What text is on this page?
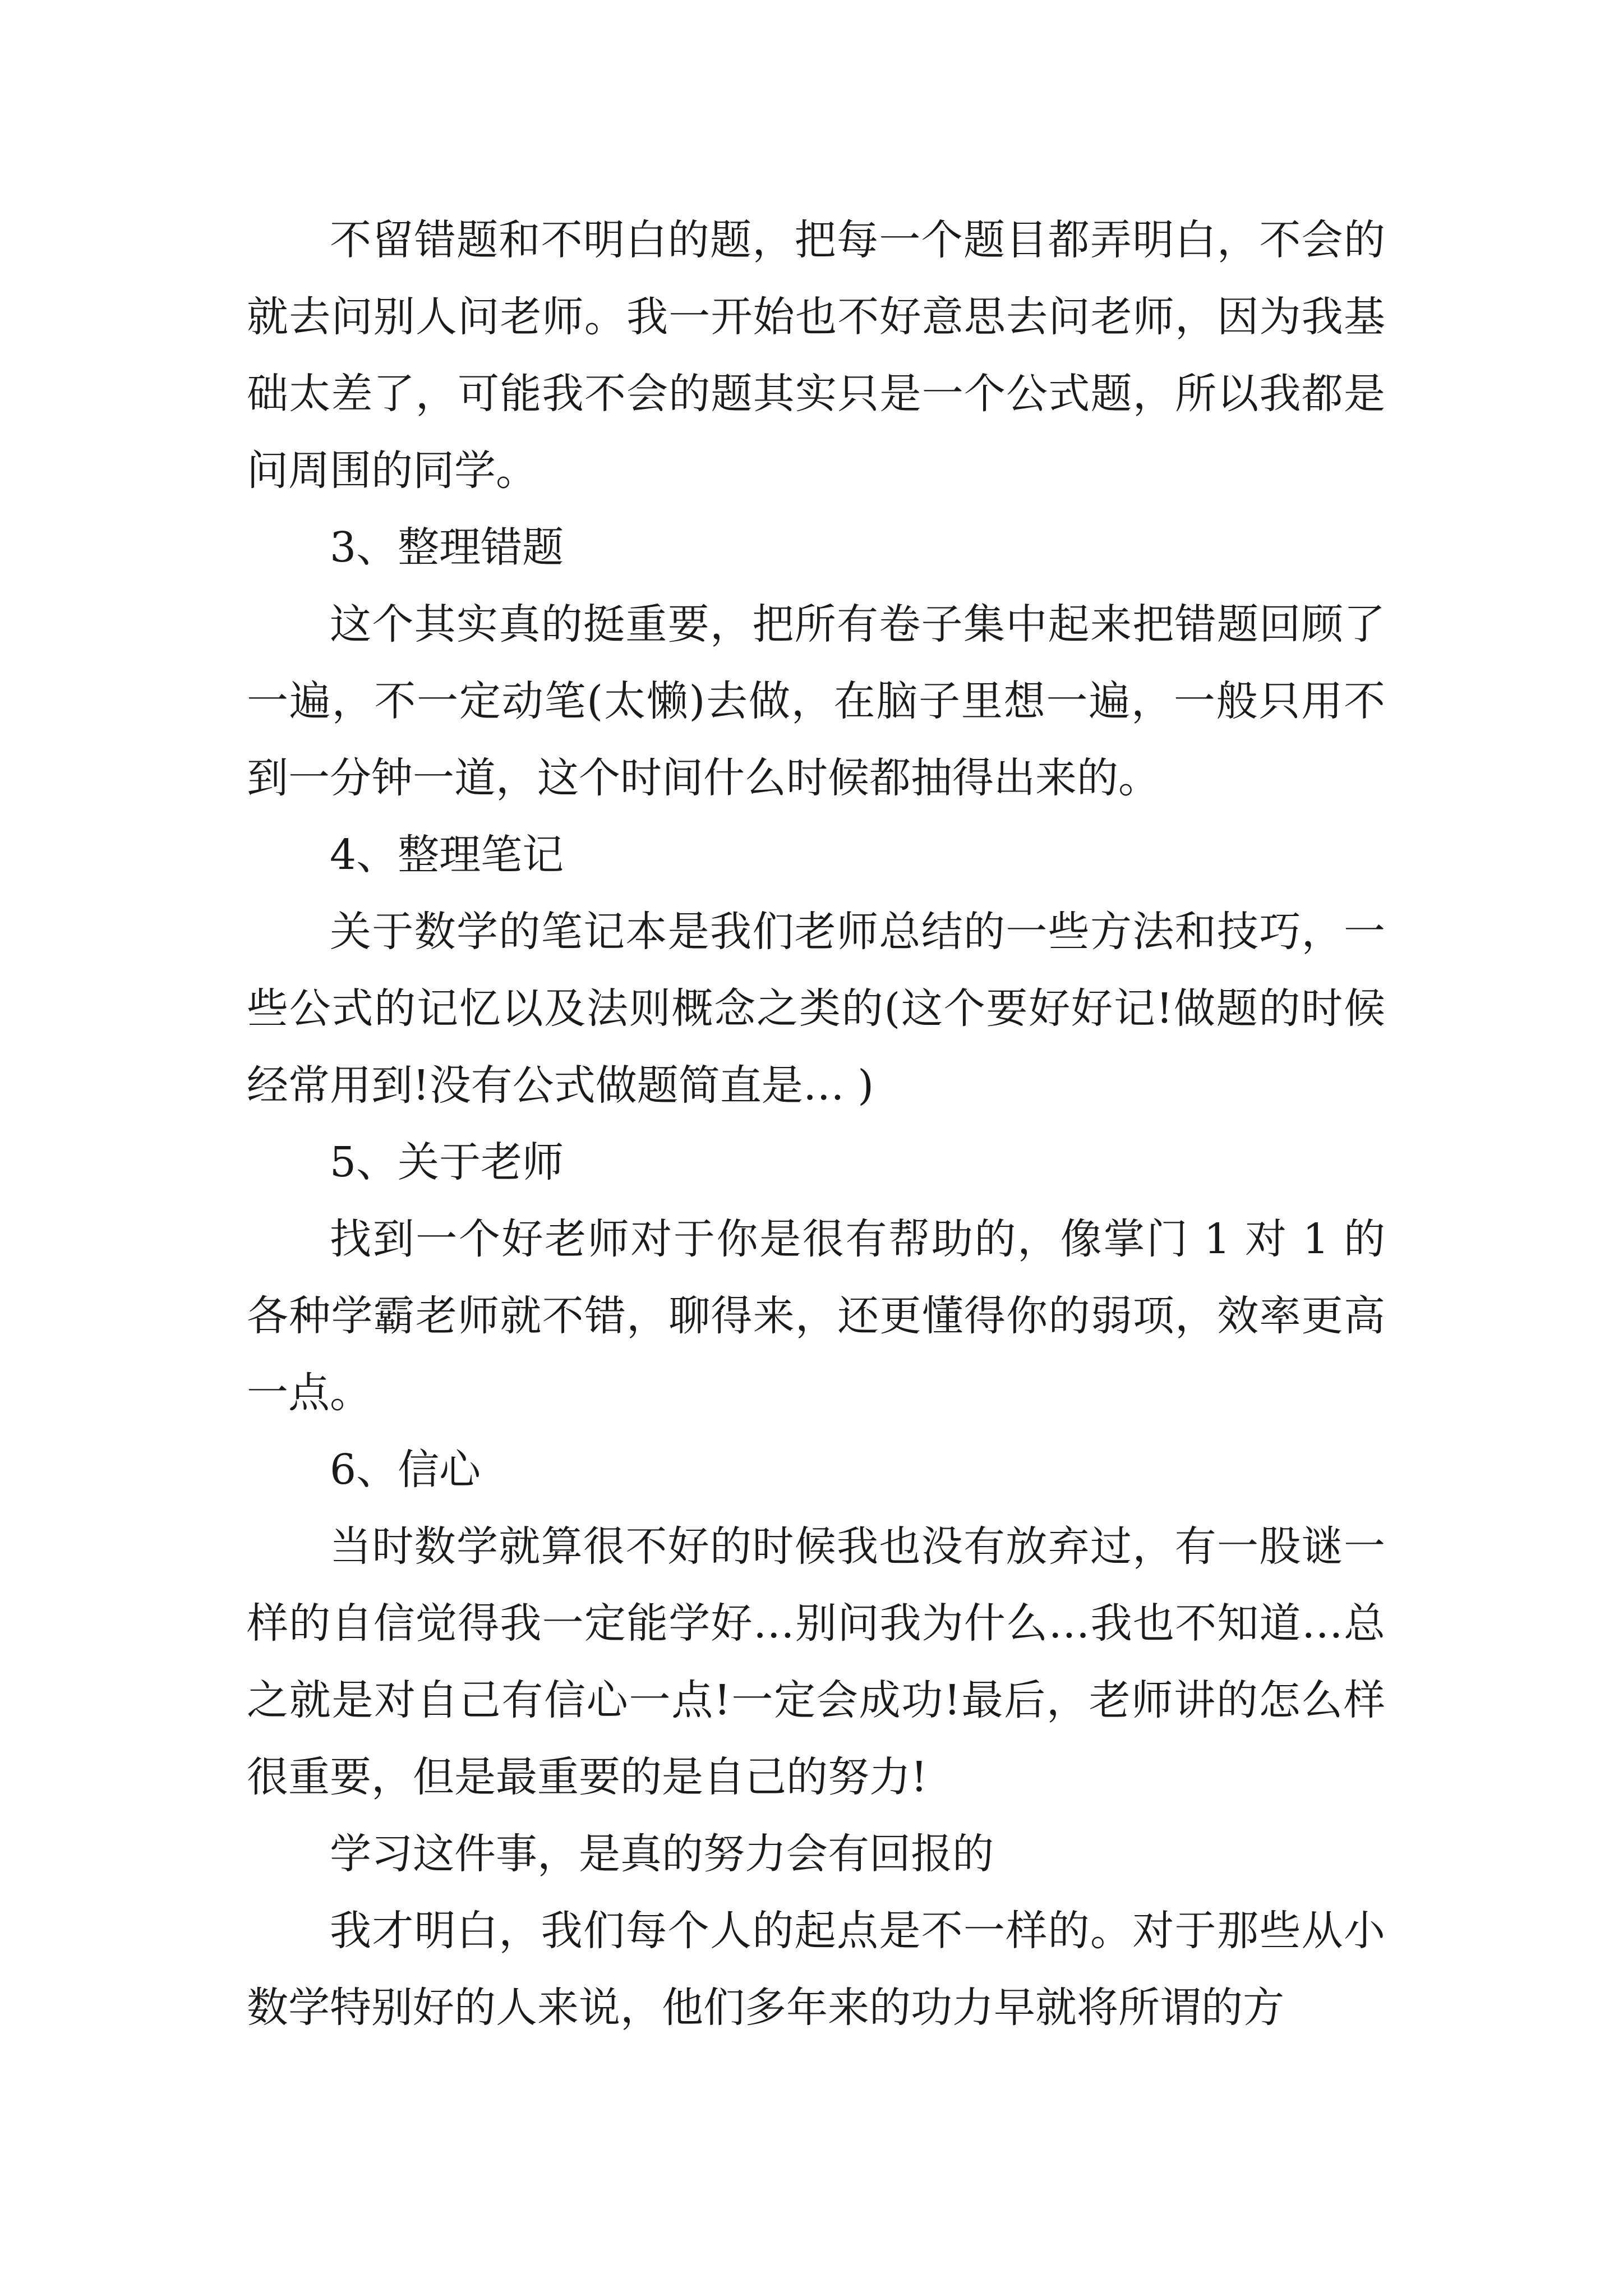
不留错题和不明白的题，把每一个题目都弄明白，不会的就去问别人问老师。我一开始也不好意思去问老师，因为我基础太差了，可能我不会的题其实只是一个公式题，所以我都是问周围的同学。

3、整理错题

这个其实真的挺重要，把所有卷子集中起来把错题回顾了一遍，不一定动笔(太懒)去做，在脑子里想一遍，一般只用不到一分钟一道，这个时间什么时候都抽得出来的。

4、整理笔记

关于数学的笔记本是我们老师总结的一些方法和技巧，一些公式的记忆以及法则概念之类的(这个要好好记!做题的时候经常用到!没有公式做题简直是… )

5、关于老师

找到一个好老师对于你是很有帮助的，像掌门 1 对 1 的各种学霸老师就不错，聊得来，还更懂得你的弱项，效率更高一点。

6、信心

当时数学就算很不好的时候我也没有放弃过，有一股谜一样的自信觉得我一定能学好…别问我为什么…我也不知道…总之就是对自己有信心一点!一定会成功!最后，老师讲的怎么样很重要，但是最重要的是自己的努力!

学习这件事，是真的努力会有回报的

我才明白，我们每个人的起点是不一样的。对于那些从小数学特别好的人来说，他们多年来的功力早就将所谓的方
